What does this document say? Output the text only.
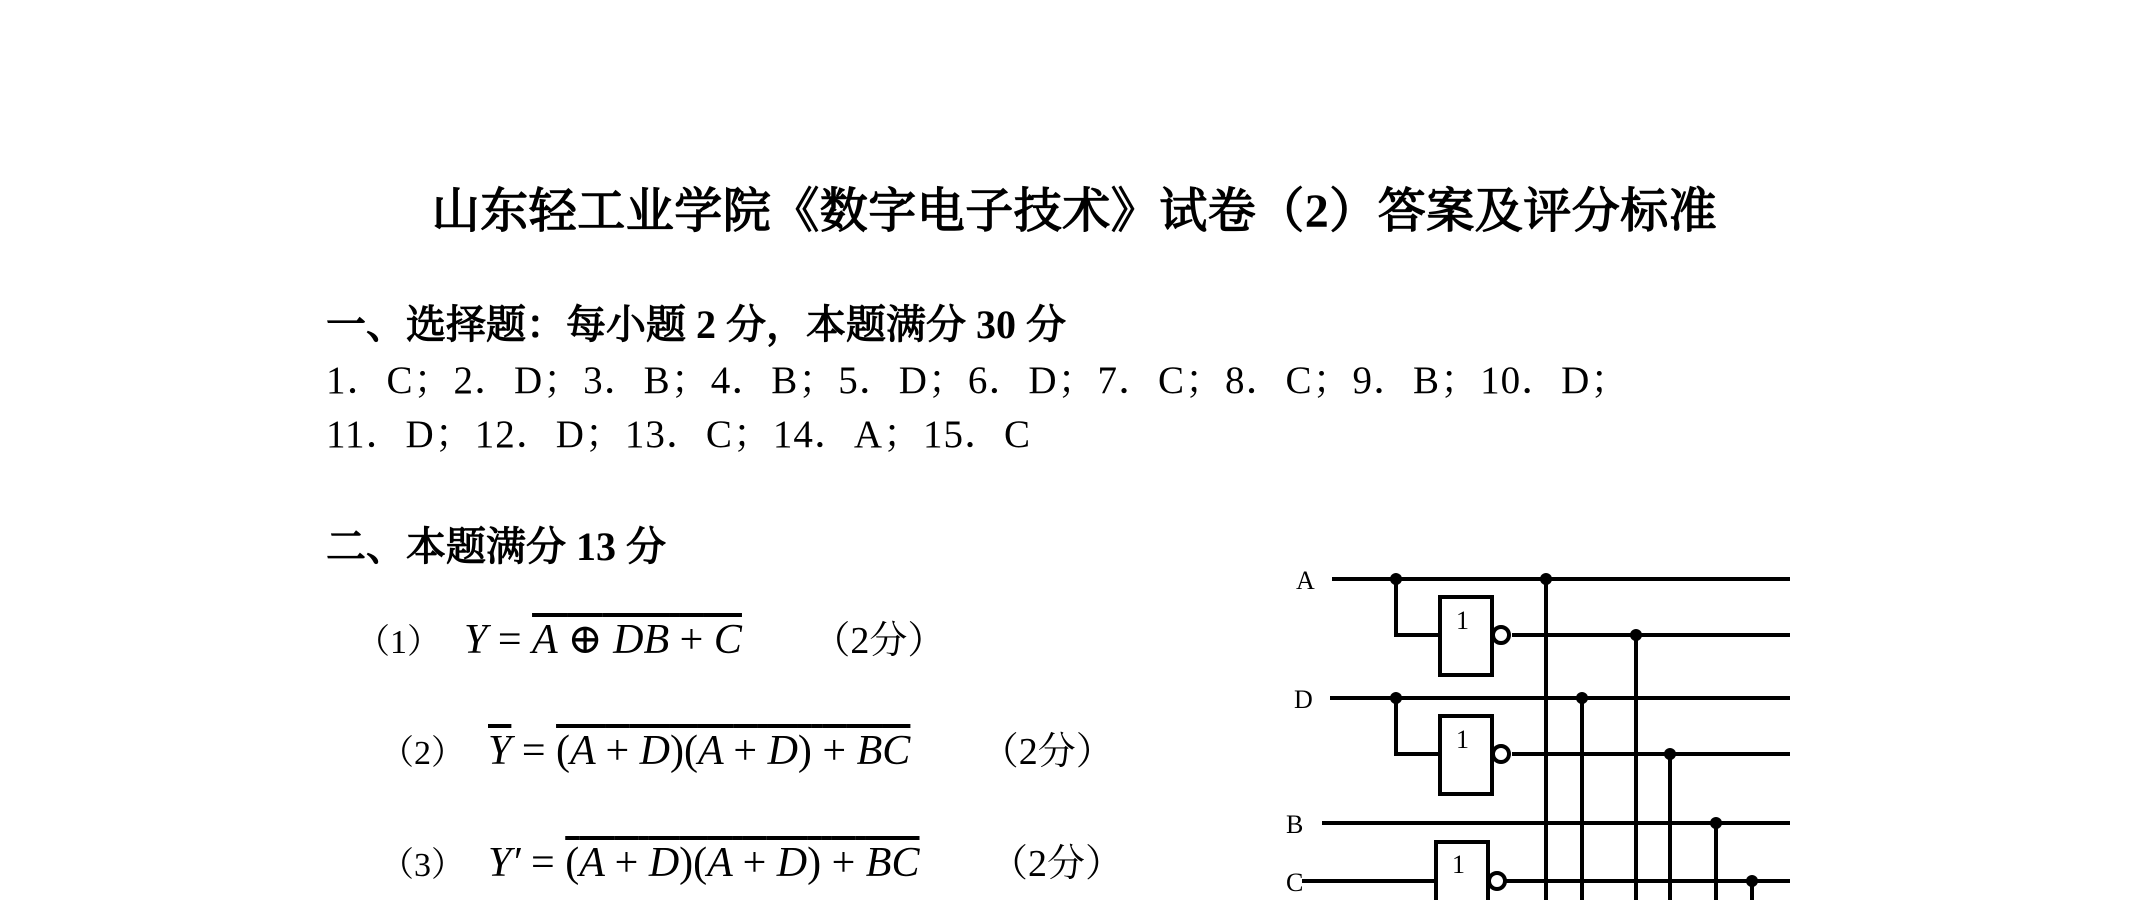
山东轻工业学院《数字电子技术》试卷（2）答案及评分标准
一、选择题：每小题 2 分，本题满分 30 分
1．C；2．D；3．B；4．B；5．D；6．D；7．C；8．C；9．B；10．D；
11．D；12．D；13．C；14．A；15．C
二、本题满分 13 分
（1） Y = A ⊕ DB + C （2分）
（2） $\overline{Y} = (A + D)(A + D)$ + BC （2分）
（3） Y′ = (A + D)(A + D) + BC （2分）
A
D
B
C
1
1
1
